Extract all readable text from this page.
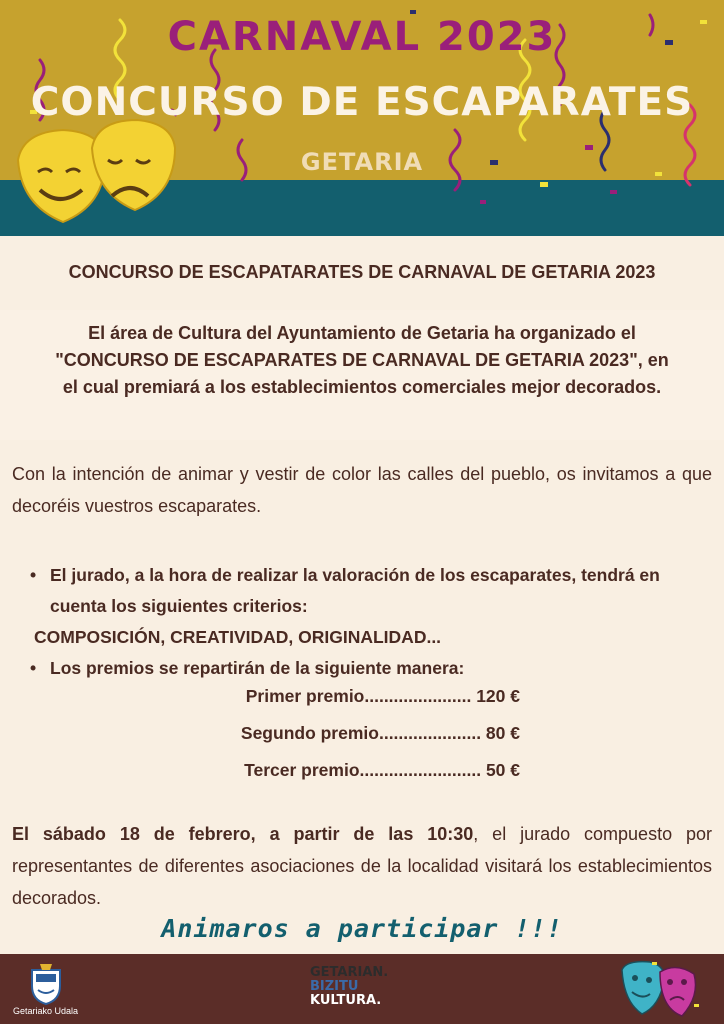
CARNAVAL 2023
CONCURSO DE ESCAPARATES
GETARIA
CONCURSO DE ESCAPATARATES DE CARNAVAL DE GETARIA 2023
El área de Cultura del Ayuntamiento de Getaria ha organizado el
"CONCURSO DE ESCAPARATES DE CARNAVAL DE GETARIA 2023", en
el cual premiará a los establecimientos comerciales mejor decorados.
Con la intención de animar y vestir de color las calles del pueblo, os invitamos a que decoréis vuestros escaparates.
• El jurado, a la hora de realizar la valoración de los escaparates, tendrá en
cuenta los siguientes criterios:
COMPOSICIÓN, CREATIVIDAD, ORIGINALIDAD...
• Los premios se repartirán de la siguiente manera:
Primer premio...................... 120 €
Segundo premio..................... 80 €
Tercer premio......................... 50 €
El sábado 18 de febrero, a partir de las 10:30, el jurado compuesto por representantes de diferentes asociaciones de la localidad visitará los establecimientos decorados.
Animaros a participar !!!
Getariako Udala
GETARIAN.
BIZITU
KULTURA.
